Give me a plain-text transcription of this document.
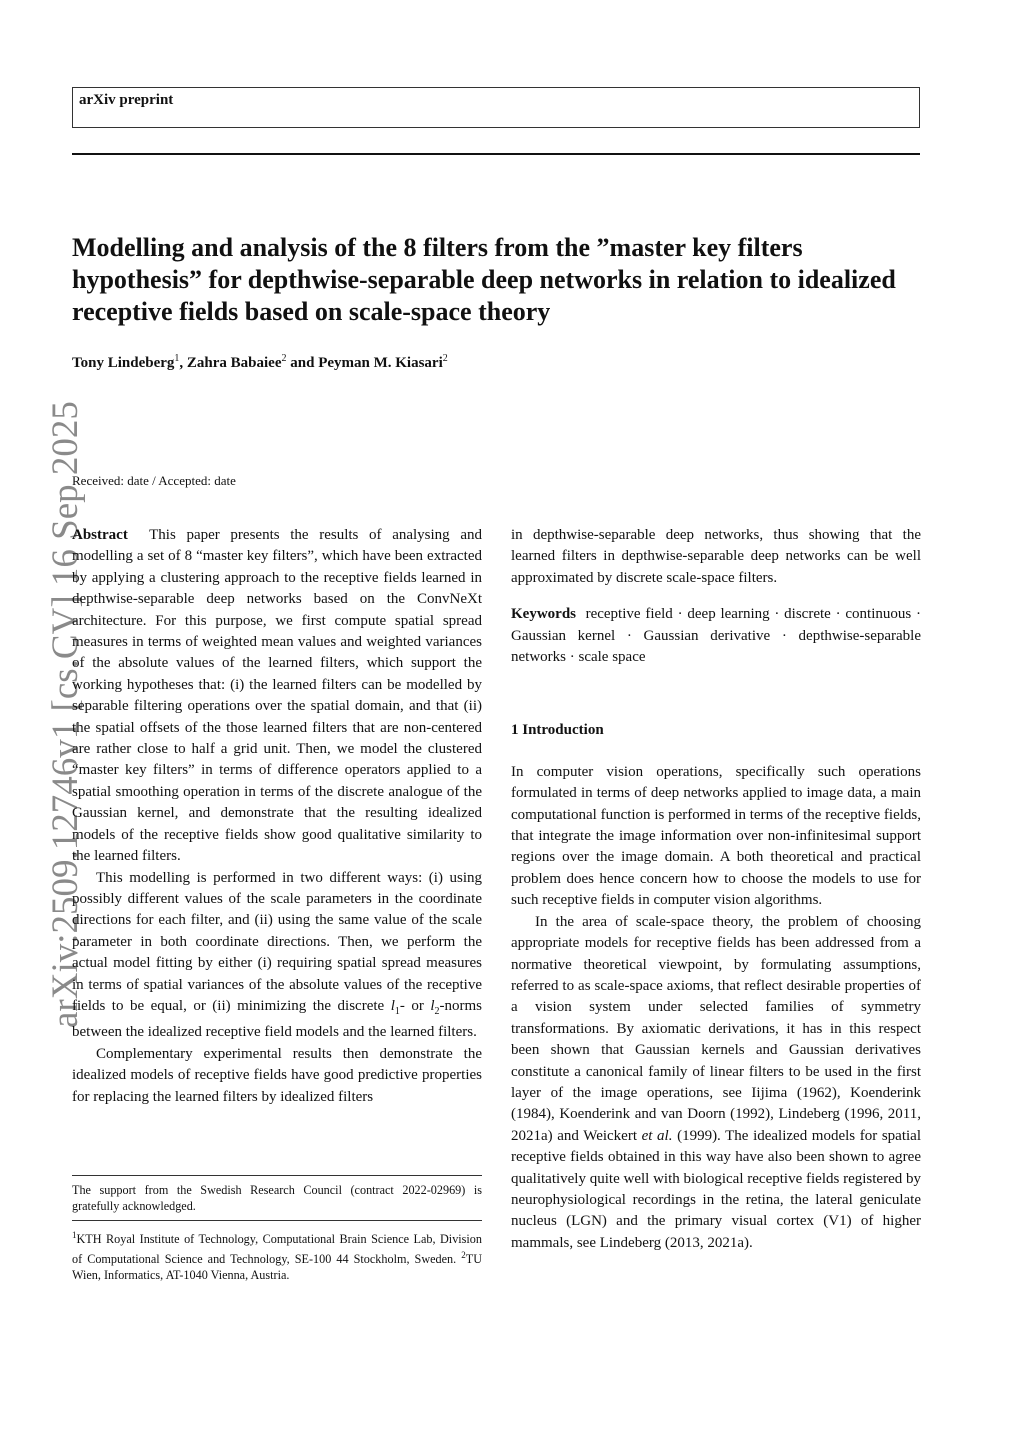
arXiv preprint
Modelling and analysis of the 8 filters from the ”master key filters hypothesis” for depthwise-separable deep networks in relation to idealized receptive fields based on scale-space theory
Tony Lindeberg$^1$, Zahra Babaiee$^2$ and Peyman M. Kiasari$^2$
arXiv:2509.12746v1 [cs.CV] 16 Sep 2025
Received: date / Accepted: date

Abstract This paper presents the results of analysing and modelling a set of 8 “master key filters”, which have been extracted by applying a clustering approach to the receptive fields learned in depthwise-separable deep networks based on the ConvNeXt architecture. For this purpose, we first compute spatial spread measures in terms of weighted mean values and weighted variances of the absolute values of the learned filters, which support the working hypotheses that: (i) the learned filters can be modelled by separable filtering operations over the spatial domain, and that (ii) the spatial offsets of the those learned filters that are non-centered are rather close to half a grid unit. Then, we model the clustered “master key filters” in terms of difference operators applied to a spatial smoothing operation in terms of the discrete analogue of the Gaussian kernel, and demonstrate that the resulting idealized models of the receptive fields show good qualitative similarity to the learned filters.

This modelling is performed in two different ways: (i) using possibly different values of the scale parameters in the coordinate directions for each filter, and (ii) using the same value of the scale parameter in both coordinate directions. Then, we perform the actual model fitting by either (i) requiring spatial spread measures in terms of spatial variances of the absolute values of the receptive fields to be equal, or (ii) minimizing the discrete $l_1-$ or $l_2$-norms between the idealized receptive field models and the learned filters.

Complementary experimental results then demonstrate the idealized models of receptive fields have good predictive properties for replacing the learned filters by idealized filters

The support from the Swedish Research Council (contract 2022-02969) is gratefully acknowledged.

$^1$KTH Royal Institute of Technology, Computational Brain Science Lab, Division of Computational Science and Technology, SE-100 44 Stockholm, Sweden. $^2$TU Wien, Informatics, AT-1040 Vienna, Austria.

in depthwise-separable deep networks, thus showing that the learned filters in depthwise-separable deep networks can be well approximated by discrete scale-space filters.

Keywords receptive field · deep learning · discrete · continuous · Gaussian kernel · Gaussian derivative · depthwise-separable networks · scale space

1 Introduction

In computer vision operations, specifically such operations formulated in terms of deep networks applied to image data, a main computational function is performed in terms of the receptive fields, that integrate the image information over non-infinitesimal support regions over the image domain. A both theoretical and practical problem does hence concern how to choose the models to use for such receptive fields in computer vision algorithms.

In the area of scale-space theory, the problem of choosing appropriate models for receptive fields has been addressed from a normative theoretical viewpoint, by formulating assumptions, referred to as scale-space axioms, that reflect desirable properties of a vision system under selected families of symmetry transformations. By axiomatic derivations, it has in this respect been shown that Gaussian kernels and Gaussian derivatives constitute a canonical family of linear filters to be used in the first layer of the image operations, see Iijima (1962), Koenderink (1984), Koenderink and van Doorn (1992), Lindeberg (1996, 2011, 2021a) and Weickert et al. (1999). The idealized models for spatial receptive fields obtained in this way have also been shown to agree qualitatively quite well with biological receptive fields registered by neurophysiological recordings in the retina, the lateral geniculate nucleus (LGN) and the primary visual cortex (V1) of higher mammals, see Lindeberg (2013, 2021a).
